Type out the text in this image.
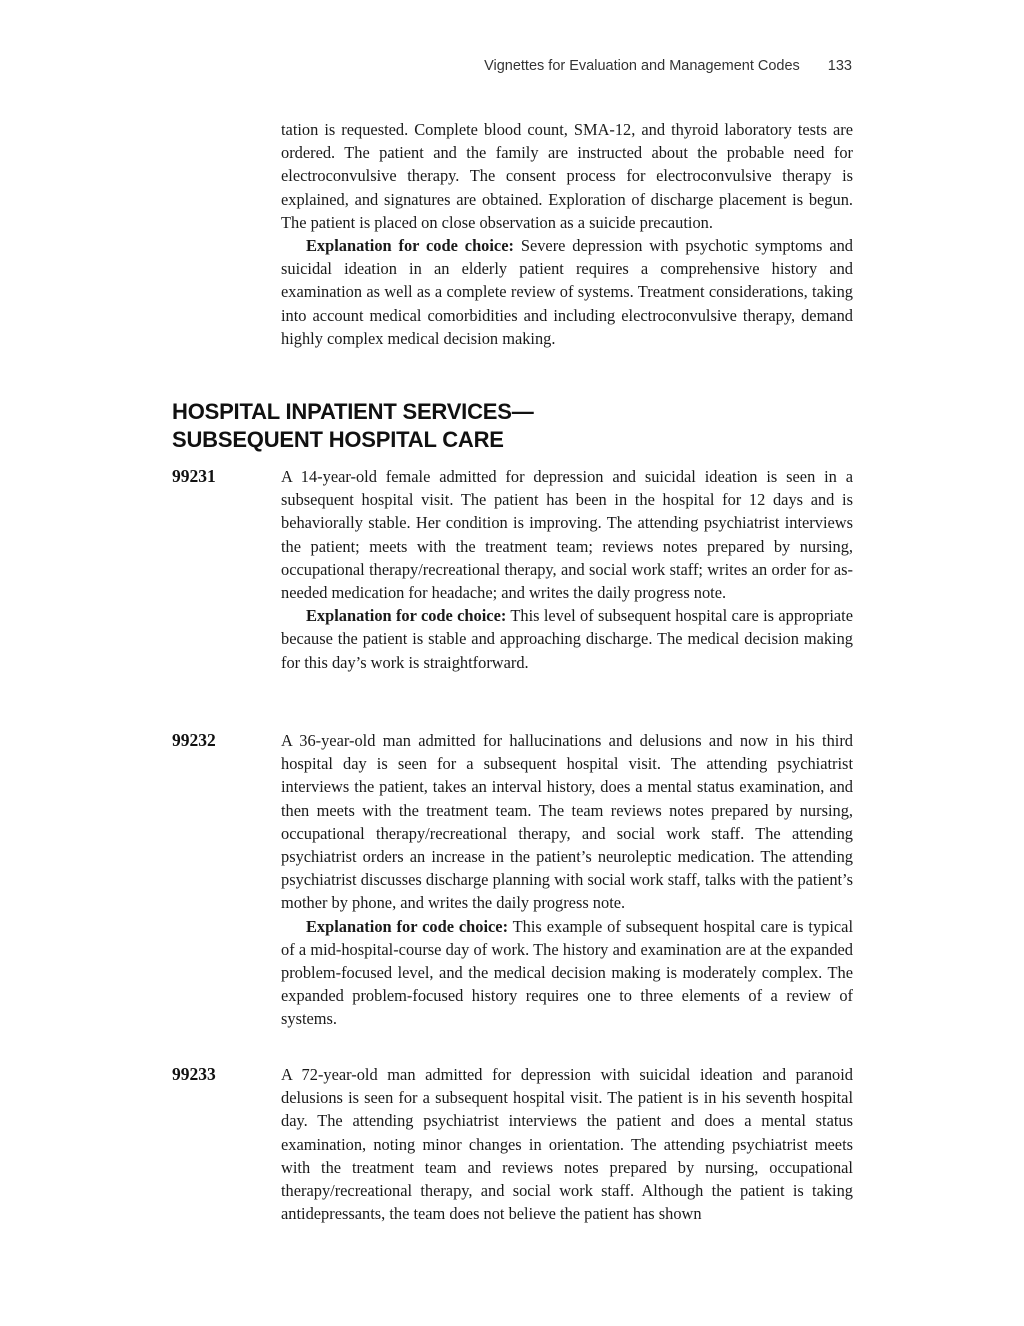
Vignettes for Evaluation and Management Codes 133

tation is requested. Complete blood count, SMA-12, and thyroid laboratory tests are ordered. The patient and the family are instructed about the probable need for electroconvulsive therapy. The consent process for electroconvulsive therapy is explained, and signatures are obtained. Exploration of discharge placement is begun. The patient is placed on close observation as a suicide precaution.

Explanation for code choice: Severe depression with psychotic symptoms and suicidal ideation in an elderly patient requires a comprehensive history and examination as well as a complete review of systems. Treatment considerations, taking into account medical comorbidities and including electroconvulsive therapy, demand highly complex medical decision making.

HOSPITAL INPATIENT SERVICES—
SUBSEQUENT HOSPITAL CARE
99231	A 14-year-old female admitted for depression and suicidal ideation is seen in a subsequent hospital visit. The patient has been in the hospital for 12 days and is behaviorally stable. Her condition is improving. The attending psychiatrist interviews the patient; meets with the treatment team; reviews notes prepared by nursing, occupational therapy/recreational therapy, and social work staff; writes an order for as-needed medication for headache; and writes the daily progress note.

Explanation for code choice: This level of subsequent hospital care is appropriate because the patient is stable and approaching discharge. The medical decision making for this day’s work is straightforward.

99232	A 36-year-old man admitted for hallucinations and delusions and now in his third hospital day is seen for a subsequent hospital visit. The attending psychiatrist interviews the patient, takes an interval history, does a mental status examination, and then meets with the treatment team. The team reviews notes prepared by nursing, occupational therapy/recreational therapy, and social work staff. The attending psychiatrist orders an increase in the patient’s neuroleptic medication. The attending psychiatrist discusses discharge planning with social work staff, talks with the patient’s mother by phone, and writes the daily progress note.

Explanation for code choice: This example of subsequent hospital care is typical of a mid-hospital-course day of work. The history and examination are at the expanded problem-focused level, and the medical decision making is moderately complex. The expanded problem-focused history requires one to three elements of a review of systems.

99233	A 72-year-old man admitted for depression with suicidal ideation and paranoid delusions is seen for a subsequent hospital visit. The patient is in his seventh hospital day. The attending psychiatrist interviews the patient and does a mental status examination, noting minor changes in orientation. The attending psychiatrist meets with the treatment team and reviews notes prepared by nursing, occupational therapy/recreational therapy, and social work staff. Although the patient is taking antidepressants, the team does not believe the patient has shown
